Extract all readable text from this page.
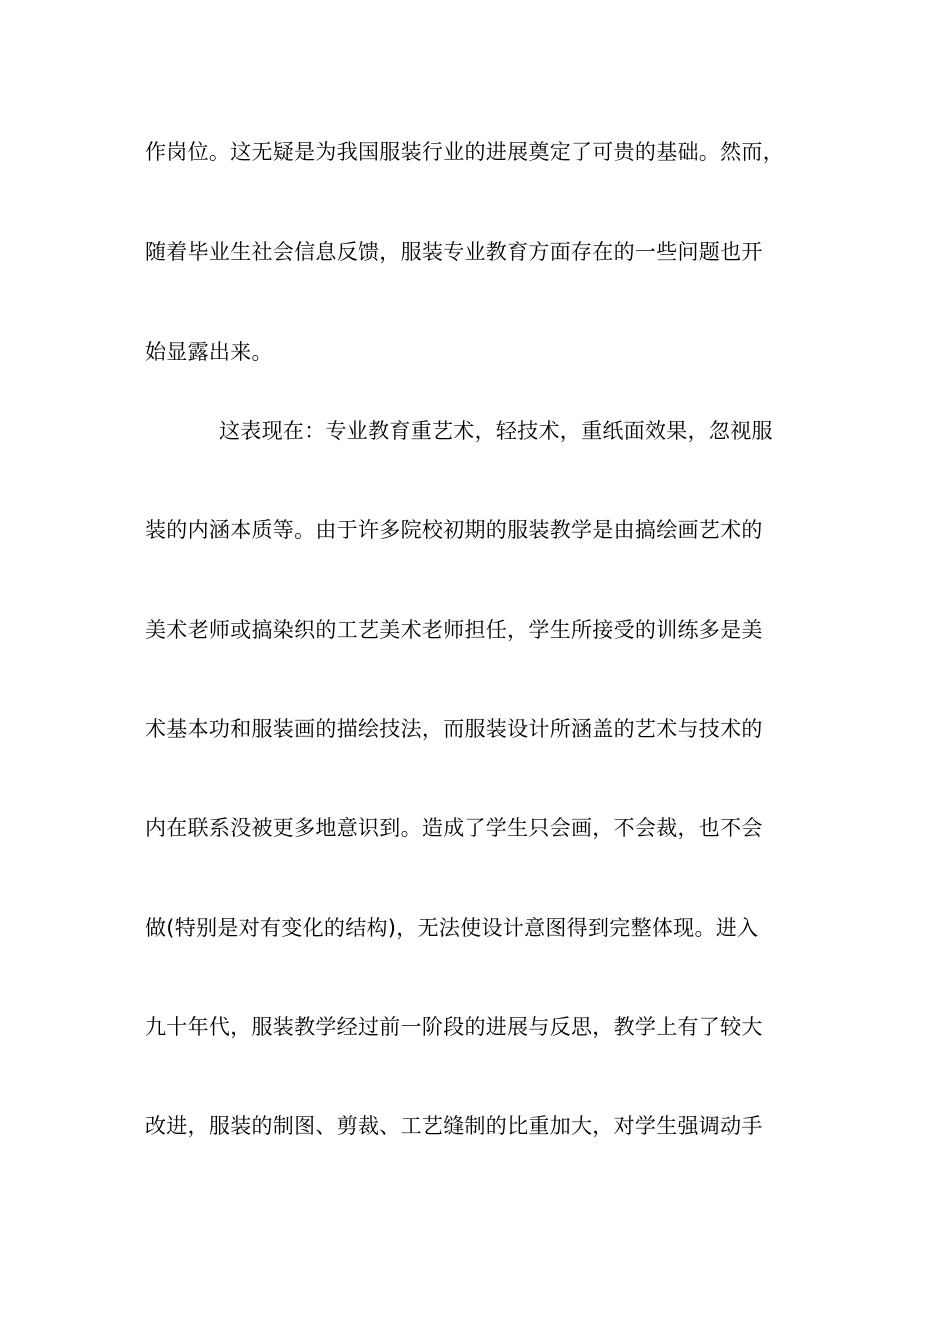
作岗位。这无疑是为我国服装行业的进展奠定了可贵的基础。然而，
随着毕业生社会信息反馈，服装专业教育方面存在的一些问题也开
始显露出来。
这表现在：专业教育重艺术，轻技术，重纸面效果，忽视服
装的内涵本质等。由于许多院校初期的服装教学是由搞绘画艺术的
美术老师或搞染织的工艺美术老师担任，学生所接受的训练多是美
术基本功和服装画的描绘技法，而服装设计所涵盖的艺术与技术的
内在联系没被更多地意识到。造成了学生只会画，不会裁，也不会
做(特别是对有变化的结构)，无法使设计意图得到完整体现。进入
九十年代，服装教学经过前一阶段的进展与反思，教学上有了较大
改进，服装的制图、剪裁、工艺缝制的比重加大，对学生强调动手
